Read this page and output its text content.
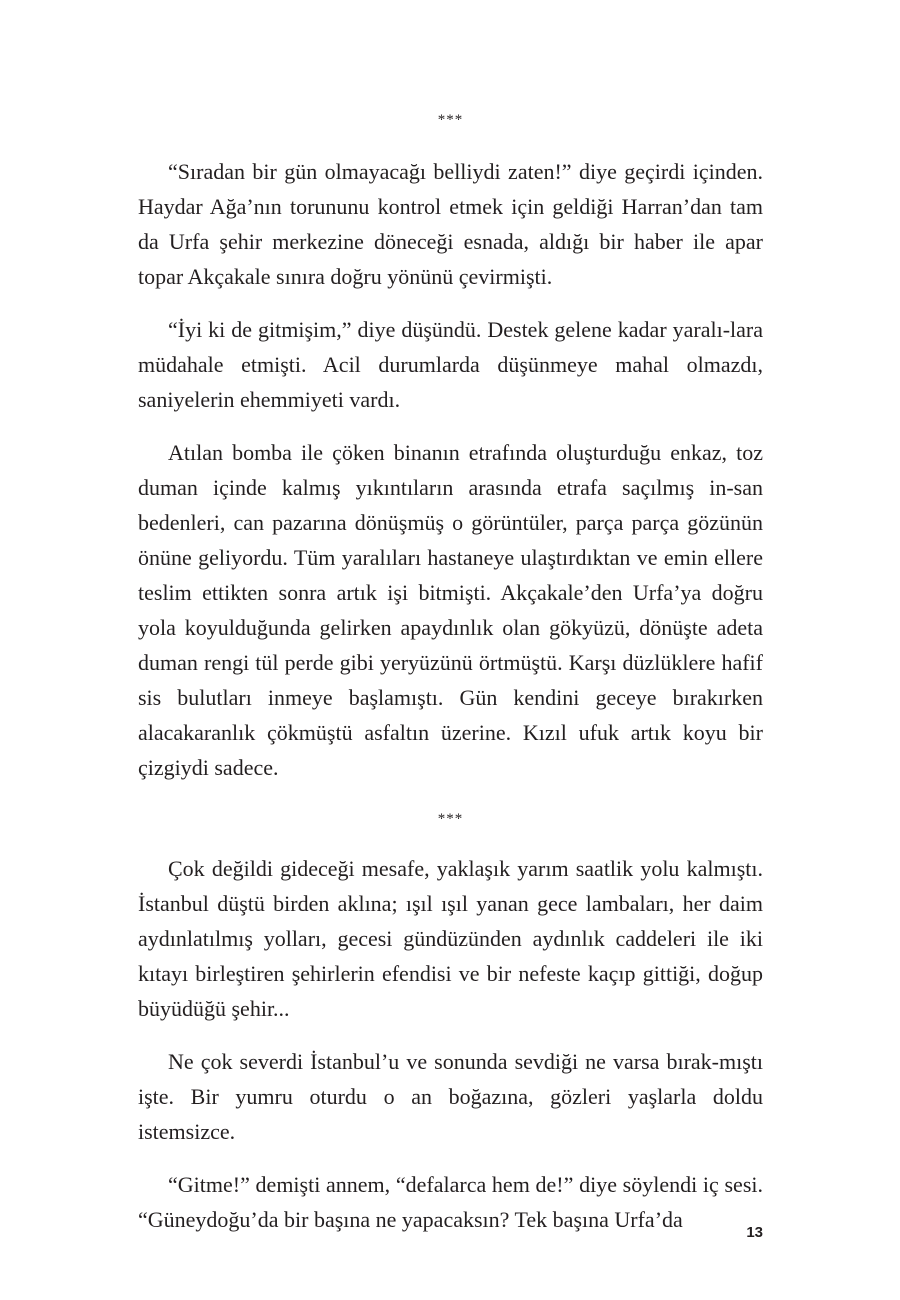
***

“Sıradan bir gün olmayacağı belliydi zaten!” diye geçirdi içinden. Haydar Ağa’nın torununu kontrol etmek için geldiği Harran’dan tam da Urfa şehir merkezine döneceği esnada, aldığı bir haber ile apar topar Akçakale sınıra doğru yönünü çevirmişti.

“İyi ki de gitmişim,” diye düşündü. Destek gelene kadar yaralı-lara müdahale etmişti. Acil durumlarda düşünmeye mahal olmazdı, saniyelerin ehemmiyeti vardı.

Atılan bomba ile çöken binanın etrafında oluşturduğu enkaz, toz duman içinde kalmış yıkıntıların arasında etrafa saçılmış in-san bedenleri, can pazarına dönüşmüş o görüntüler, parça parça gözünün önüne geliyordu. Tüm yaralıları hastaneye ulaştırdıktan ve emin ellere teslim ettikten sonra artık işi bitmişti. Akçakale’den Urfa’ya doğru yola koyulduğunda gelirken apaydınlık olan gökyüzü, dönüşte adeta duman rengi tül perde gibi yeryüzünü örtmüştü. Karşı düzlüklere hafif sis bulutları inmeye başlamıştı. Gün kendini geceye bırakırken alacakaranlık çökmüştü asfaltın üzerine. Kızıl ufuk artık koyu bir çizgiydi sadece.

***

Çok değildi gideceği mesafe, yaklaşık yarım saatlik yolu kalmıştı. İstanbul düştü birden aklına; ışıl ışıl yanan gece lambaları, her daim aydınlatılmış yolları, gecesi gündüzünden aydınlık caddeleri ile iki kıtayı birleştiren şehirlerin efendisi ve bir nefeste kaçıp gittiği, doğup büyüdüğü şehir...

Ne çok severdi İstanbul’u ve sonunda sevdiği ne varsa bırak-mıştı işte. Bir yumru oturdu o an boğazına, gözleri yaşlarla doldu istemsizce.

“Gitme!” demişti annem, “defalarca hem de!” diye söylendi iç sesi. “Güneydoğu’da bir başına ne yapacaksın? Tek başına Urfa’da

13
